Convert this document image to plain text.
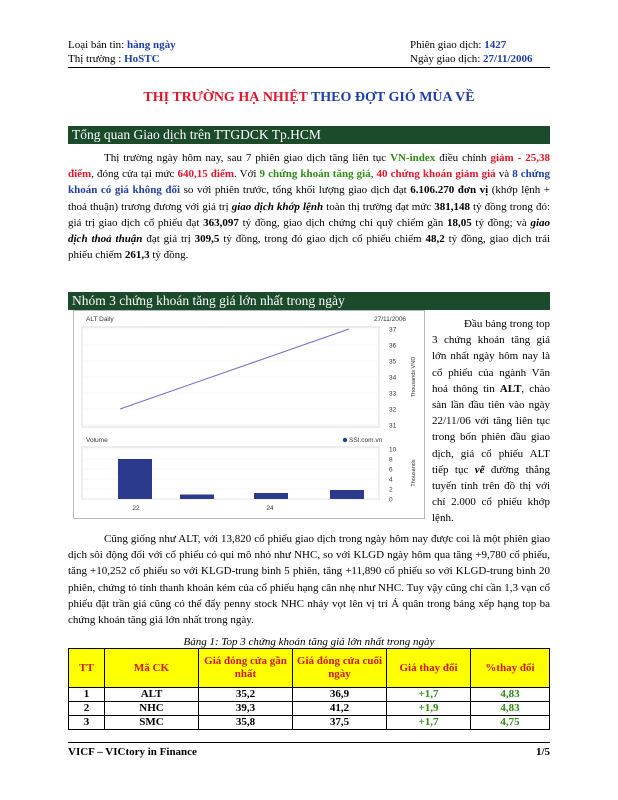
Loại bản tin: hàng ngày
Thị trường : HoSTC
Phiên giao dịch: 1427
Ngày giao dịch: 27/11/2006
THỊ TRƯỜNG HẠ NHIỆT THEO ĐỢT GIÓ MÙA VỀ
Tổng quan Giao dịch trên TTGDCK Tp.HCM
Thị trường ngày hôm nay, sau 7 phiên giao dịch tăng liên tục VN-index điều chỉnh giảm - 25,38 điểm, đóng cửa tại mức 640,15 điểm. Với 9 chứng khoán tăng giá, 40 chứng khoán giảm giá và 8 chứng khoán có giá không đổi so với phiên trước, tổng khối lượng giao dịch đạt 6.106.270 đơn vị (khớp lệnh + thoả thuận) trương đương với giá trị giao dịch khớp lệnh toàn thị trường đạt mức 381,148 tỷ đồng trong đó: giá trị giao dịch cổ phiếu đạt 363,097 tỷ đồng, giao dịch chứng chỉ quỹ chiếm gần 18,05 tỷ đồng; và giao dịch thoả thuận đạt giá trị 309,5 tỷ đồng, trong đó giao dịch cổ phiếu chiếm 48,2 tỷ đồng, giao dịch trái phiếu chiếm 261,3 tỷ đồng.
Nhóm 3 chứng khoán tăng giá lớn nhất trong ngày
ALT Daily	27/11/2006
Volume	SSI.com.vn
31
32
33
34
35
36
37
Thousands VND
0
2
4
6
8
10
Thousands
22	24
Đầu bảng trong top 3 chứng khoán tăng giá lớn nhất ngày hôm nay là cổ phiếu của ngành Văn hoá thông tin ALT, chào sàn lần đầu tiên vào ngày 22/11/06 với tăng liên tục trong bốn phiên đầu giao dịch, giá cổ phiếu ALT tiếp tục vẽ đường thẳng tuyến tính trên đồ thị với chỉ 2.000 cổ phiếu khớp lệnh.
Cũng giống như ALT, với 13,820 cổ phiếu giao dịch trong ngày hôm nay được coi là một phiên giao dịch sôi động đối với cổ phiếu có qui mô nhỏ như NHC, so với KLGD ngày hôm qua tăng +9,780 cổ phiếu, tăng +10,252 cổ phiếu so với KLGD-trung bình 5 phiên, tăng +11,890 cổ phiếu so với KLGD-trung bình 20 phiên, chứng tỏ tính thanh khoản kém của cổ phiếu hạng cân nhẹ như NHC. Tuy vậy cũng chỉ cần 1,3 vạn cổ phiếu đặt trần giá cũng có thể đẩy penny stock NHC nhảy vọt lên vị trí Á quân trong bảng xếp hạng top ba chứng khoán tăng giá lớn nhất trong ngày.
Bảng 1: Top 3 chứng khoán tăng giá lớn nhất trong ngày
TT	Mã CK	Giá đóng cửa gần nhất	Giá đóng cửa cuối ngày	Giá thay đổi	%thay đổi
1	ALT	35,2	36,9	+1,7	4,83
2	NHC	39,3	41,2	+1,9	4,83
3	SMC	35,8	37,5	+1,7	4,75
VICF – VICtory in Finance	1/5
